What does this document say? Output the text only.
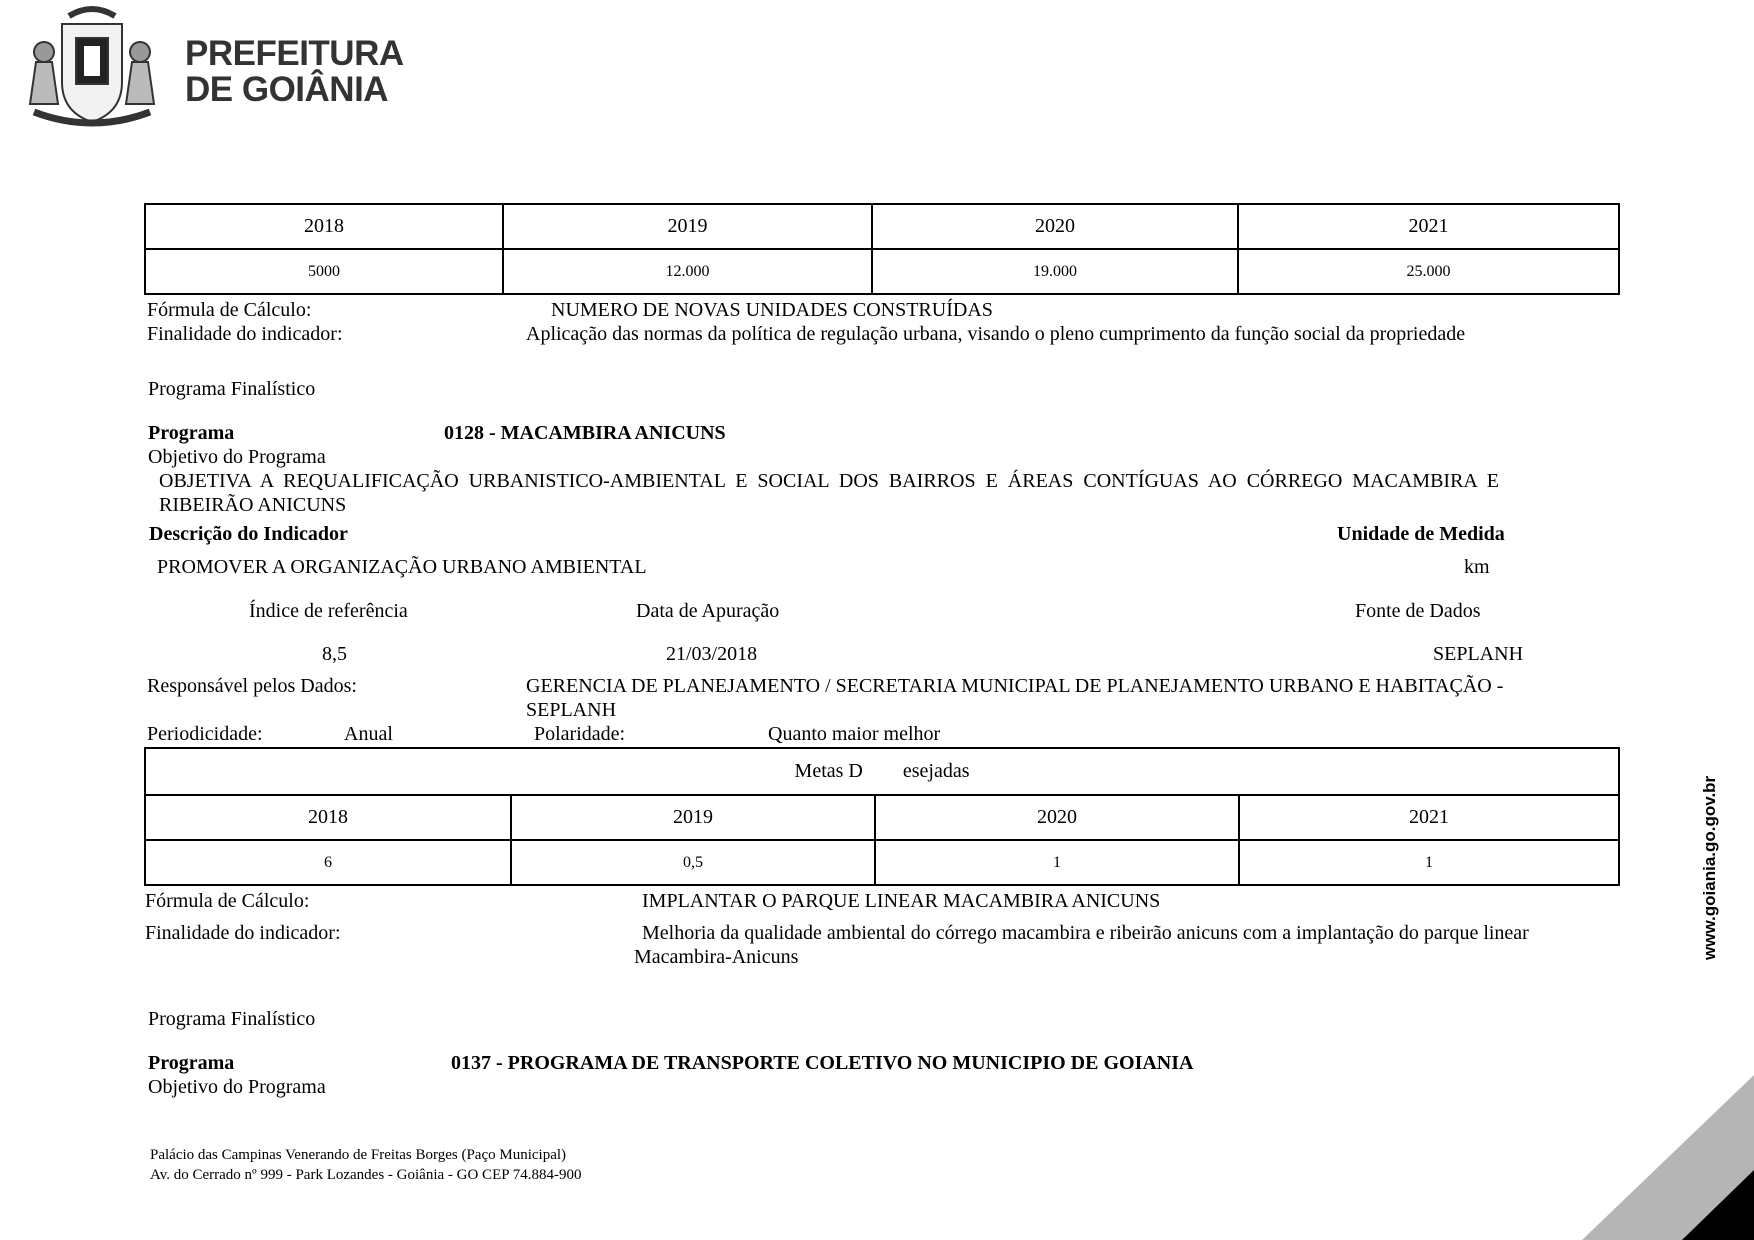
PREFEITURA
DE GOIÂNIA
2018	2019	2020	2021
5000	12.000	19.000	25.000
Fórmula de Cálculo:	NUMERO DE NOVAS UNIDADES CONSTRUÍDAS
Finalidade do indicador:	Aplicação das normas da política de regulação urbana, visando o pleno cumprimento da função social da propriedade
Programa Finalístico
Programa	0128 - MACAMBIRA ANICUNS
Objetivo do Programa
OBJETIVA  A  REQUALIFICAÇÃO  URBANISTICO-AMBIENTAL  E  SOCIAL  DOS  BAIRROS  E  ÁREAS  CONTÍGUAS  AO  CÓRREGO  MACAMBIRA  E
RIBEIRÃO ANICUNS
Descrição do Indicador	Unidade de Medida
PROMOVER A ORGANIZAÇÃO URBANO AMBIENTAL	km
Índice de referência	Data de Apuração	Fonte de Dados
8,5	21/03/2018	SEPLANH
Responsável pelos Dados:	GERENCIA DE PLANEJAMENTO / SECRETARIA MUNICIPAL DE PLANEJAMENTO URBANO E HABITAÇÃO -
SEPLANH
Periodicidade:	Anual	Polaridade:	Quanto maior melhor
Metas D        esejadas			
2018	2019	2020	2021
6	0,5	1	1
Fórmula de Cálculo:	IMPLANTAR O PARQUE LINEAR MACAMBIRA ANICUNS
Finalidade do indicador:	Melhoria da qualidade ambiental do córrego macambira e ribeirão anicuns com a implantação do parque linear
Macambira-Anicuns
Programa Finalístico
Programa	0137 - PROGRAMA DE TRANSPORTE COLETIVO NO MUNICIPIO DE GOIANIA
Objetivo do Programa
Palácio das Campinas Venerando de Freitas Borges (Paço Municipal)
Av. do Cerrado nº 999 - Park Lozandes - Goiânia - GO CEP 74.884-900
www.goiania.go.gov.br
